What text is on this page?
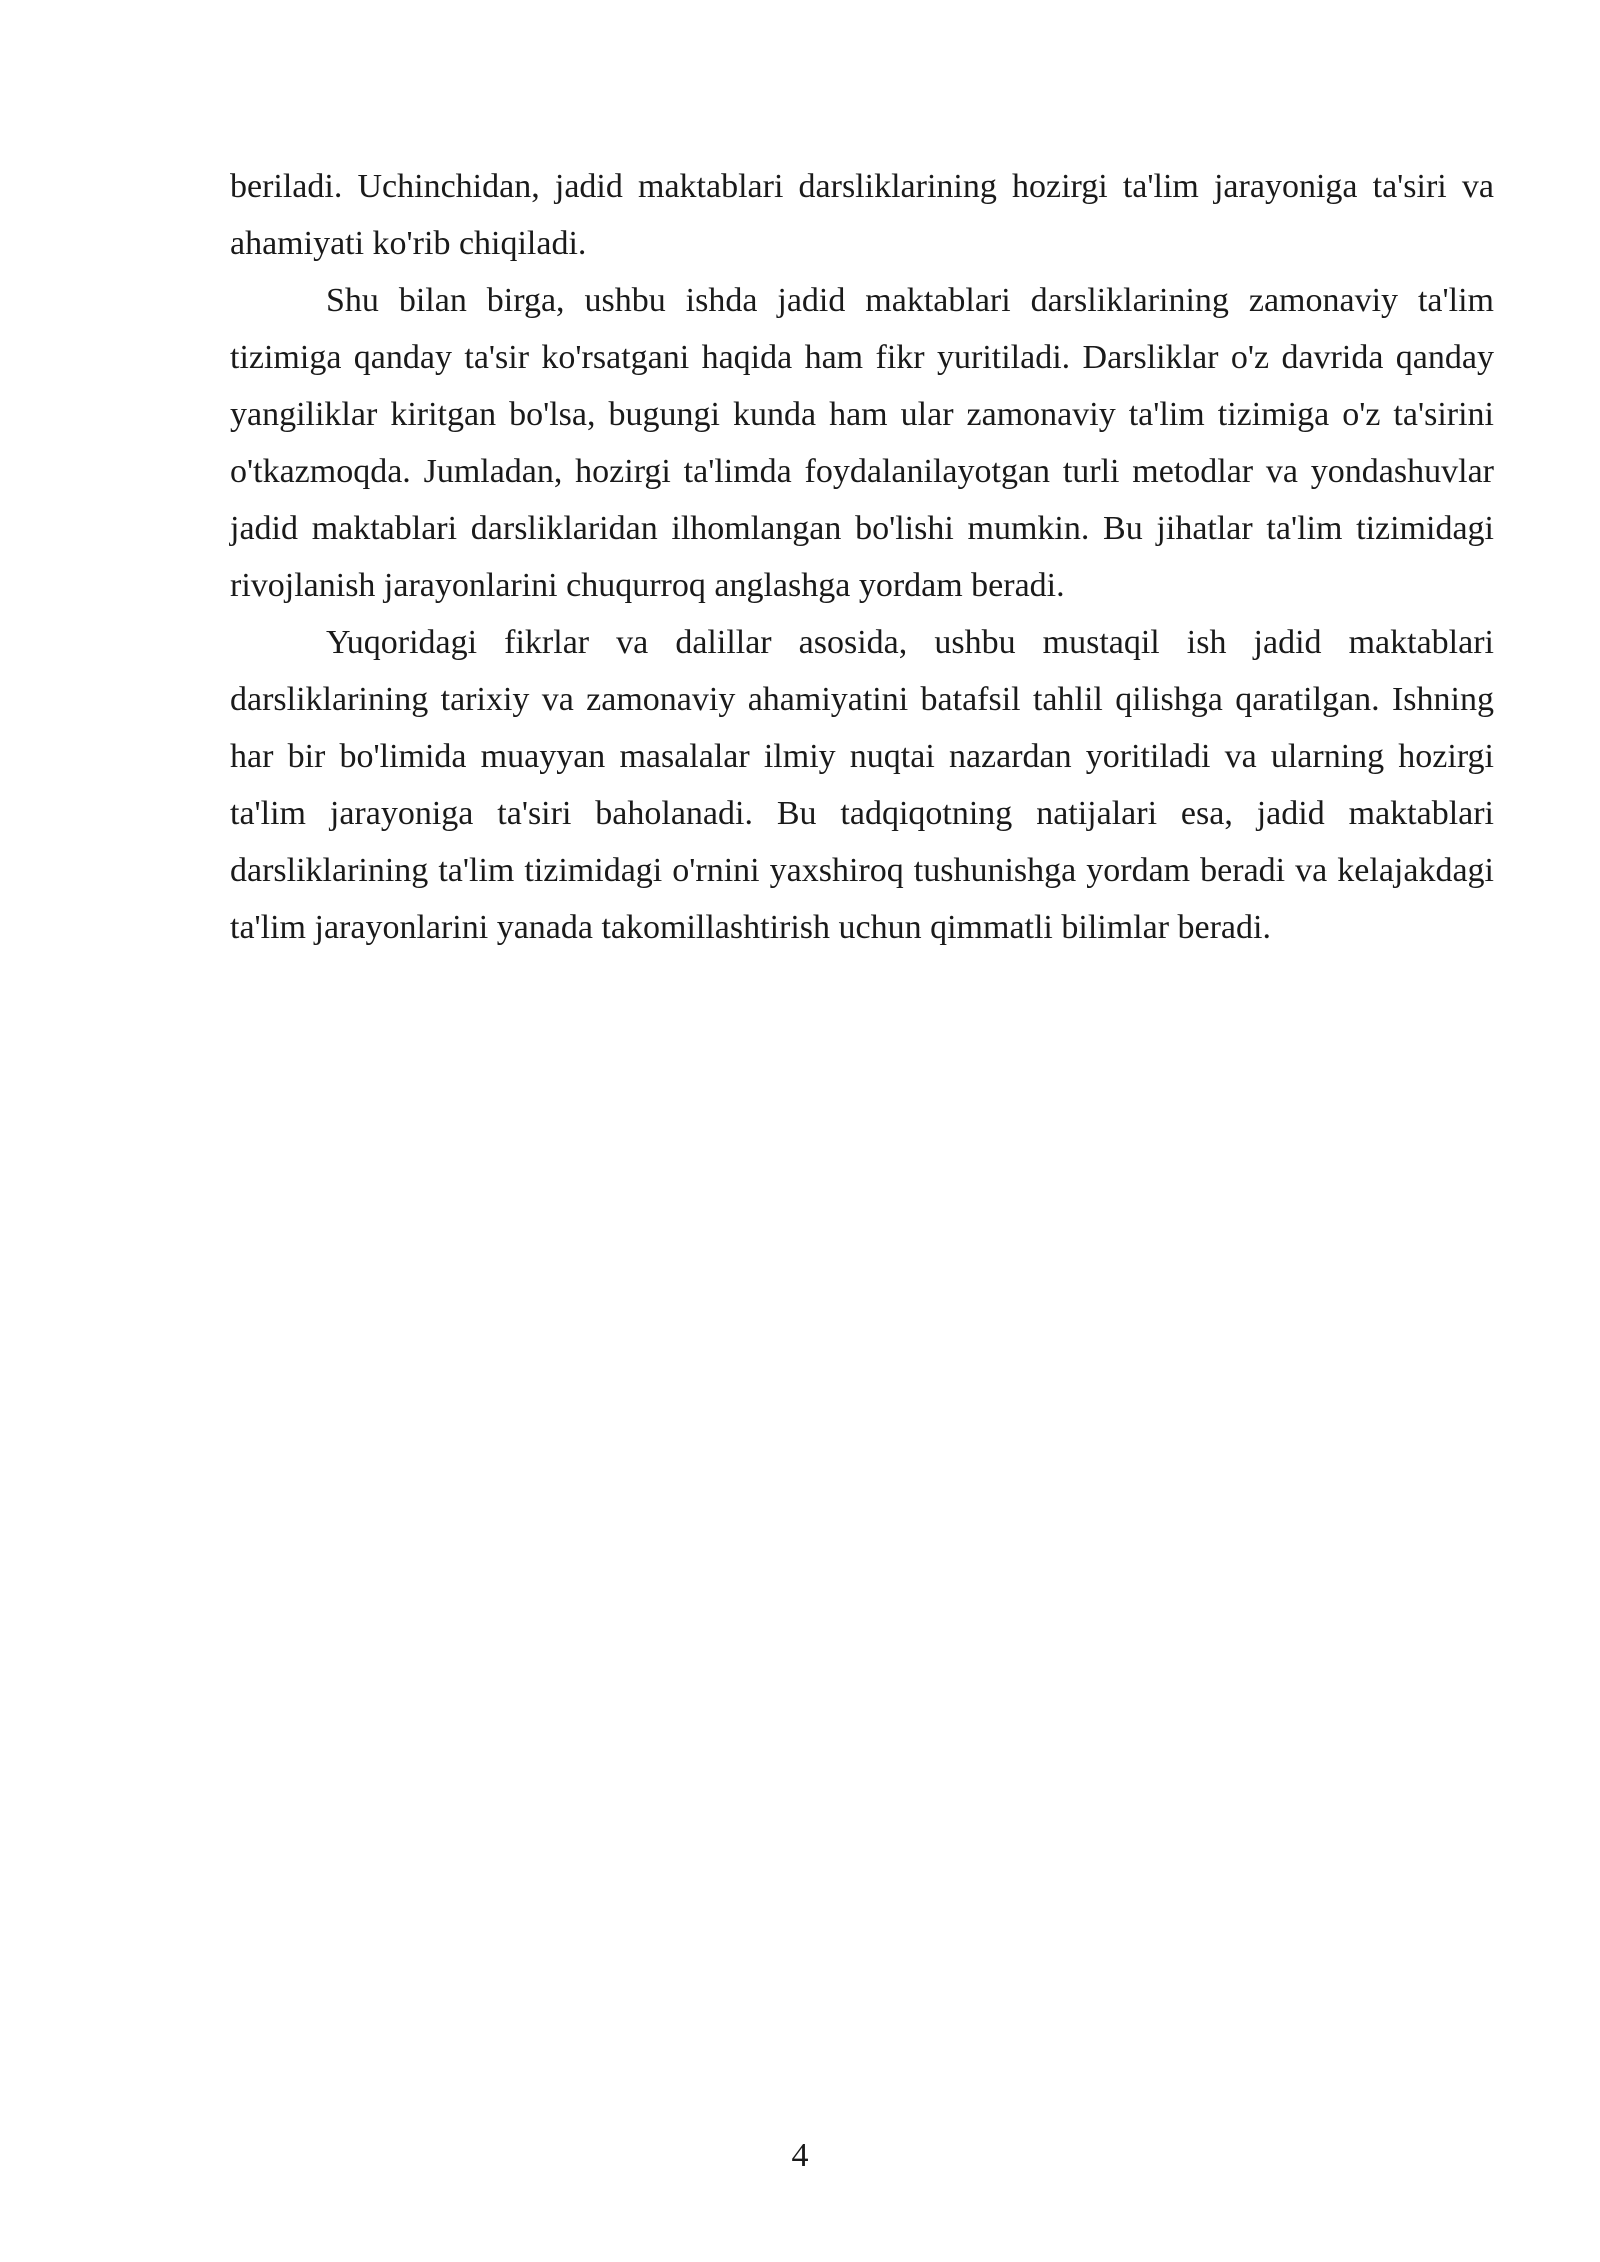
beriladi. Uchinchidan, jadid maktablari darsliklarining hozirgi ta'lim jarayoniga ta'siri va ahamiyati ko'rib chiqiladi.

Shu bilan birga, ushbu ishda jadid maktablari darsliklarining zamonaviy ta'lim tizimiga qanday ta'sir ko'rsatgani haqida ham fikr yuritiladi. Darsliklar o'z davrida qanday yangiliklar kiritgan bo'lsa, bugungi kunda ham ular zamonaviy ta'lim tizimiga o'z ta'sirini o'tkazmoqda. Jumladan, hozirgi ta'limda foydalanilayotgan turli metodlar va yondashuvlar jadid maktablari darsliklaridan ilhomlangan bo'lishi mumkin. Bu jihatlar ta'lim tizimidagi rivojlanish jarayonlarini chuqurroq anglashga yordam beradi.

Yuqoridagi fikrlar va dalillar asosida, ushbu mustaqil ish jadid maktablari darsliklarining tarixiy va zamonaviy ahamiyatini batafsil tahlil qilishga qaratilgan. Ishning har bir bo'limida muayyan masalalar ilmiy nuqtai nazardan yoritiladi va ularning hozirgi ta'lim jarayoniga ta'siri baholanadi. Bu tadqiqotning natijalari esa, jadid maktablari darsliklarining ta'lim tizimidagi o'rnini yaxshiroq tushunishga yordam beradi va kelajakdagi ta'lim jarayonlarini yanada takomillashtirish uchun qimmatli bilimlar beradi.

4
